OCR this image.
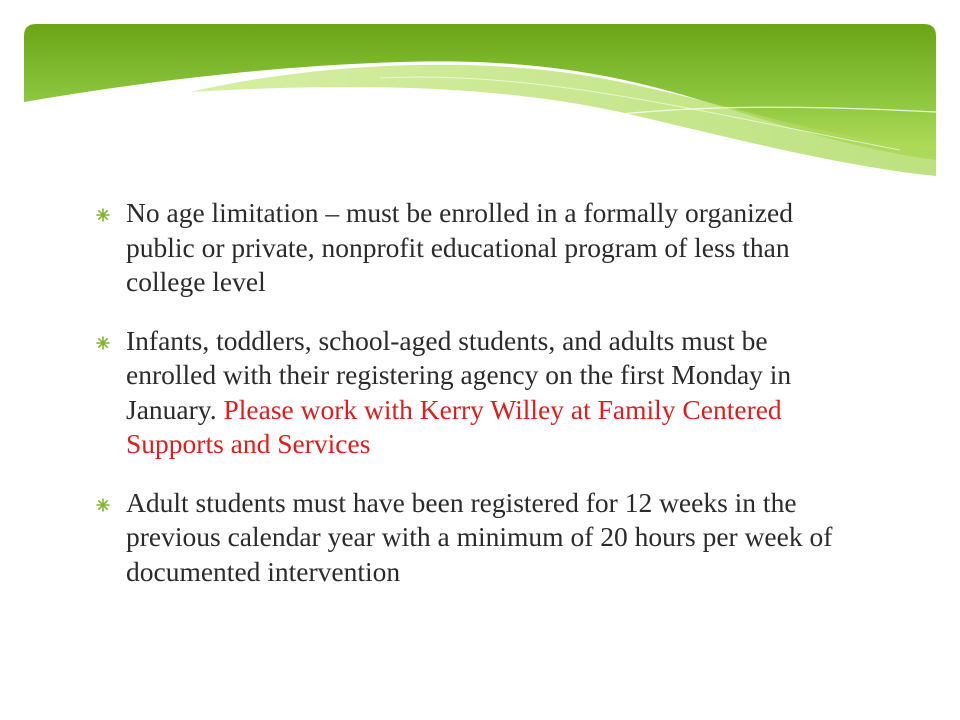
No age limitation – must be enrolled in a formally organized public or private, nonprofit educational program of less than college level

Infants, toddlers, school-aged students, and adults must be enrolled with their registering agency on the first Monday in January. Please work with Kerry Willey at Family Centered Supports and Services

Adult students must have been registered for 12 weeks in the previous calendar year with a minimum of 20 hours per week of documented intervention
